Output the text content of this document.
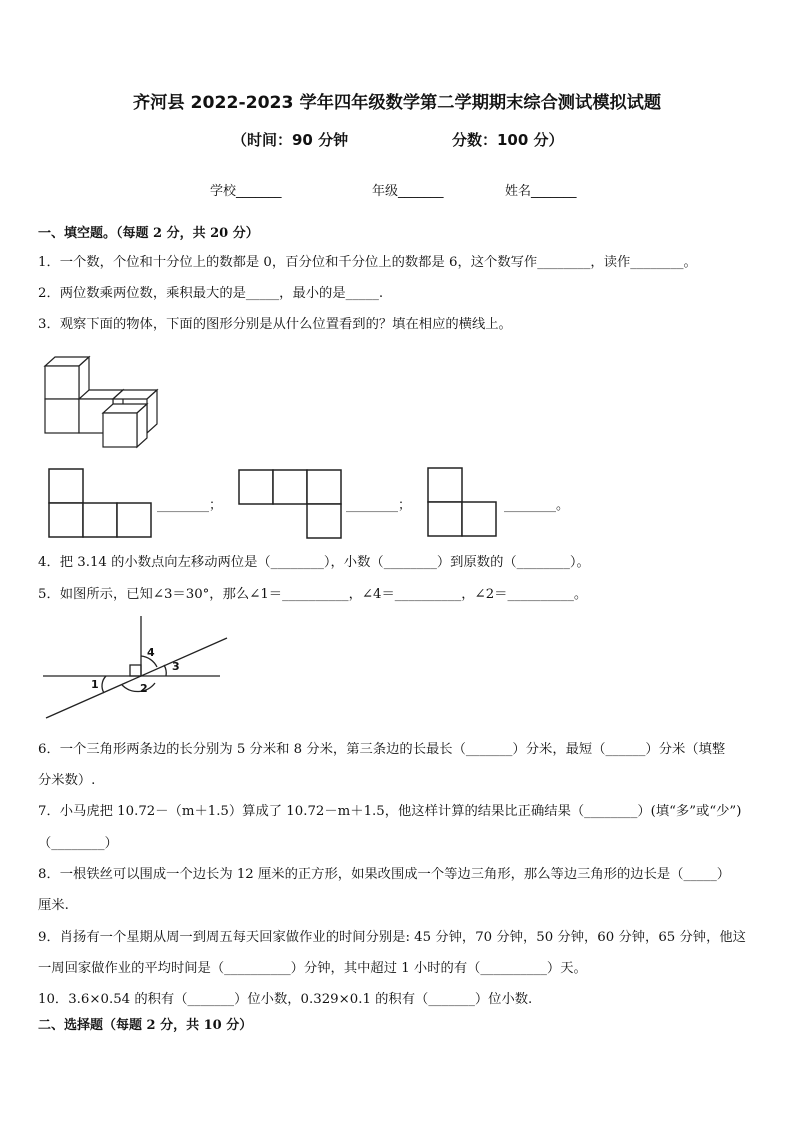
齐河县 2022-2023 学年四年级数学第二学期期末综合测试模拟试题
（时间：90 分钟	分数：100 分）
学校_______	年级_______	姓名_______
一、填空题。（每题 2 分，共 20 分）
1．一个数，个位和十分位上的数都是 0，百分位和千分位上的数都是 6，这个数写作________，读作________。
2．两位数乘两位数，乘积最大的是_____，最小的是_____.
3．观察下面的物体，下面的图形分别是从什么位置看到的？填在相应的横线上。
________；	________；	________。
4．把 3.14 的小数点向左移动两位是（________），小数（________）到原数的（________）。
5．如图所示，已知∠3＝30°，那么∠1＝__________，∠4＝__________，∠2＝__________。
4
3
2
1
6．一个三角形两条边的长分别为 5 分米和 8 分米，第三条边的长最长（_______）分米，最短（______）分米（填整
分米数）.
7．小马虎把 10.72－（m＋1.5）算成了 10.72－m＋1.5，他这样计算的结果比正确结果（________）(填“多”或“少”)
（________）
8．一根铁丝可以围成一个边长为 12 厘米的正方形，如果改围成一个等边三角形，那么等边三角形的边长是（_____）
厘米.
9．肖扬有一个星期从周一到周五每天回家做作业的时间分别是: 45 分钟，70 分钟，50 分钟，60 分钟，65 分钟，他这
一周回家做作业的平均时间是（__________）分钟，其中超过 1 小时的有（__________）天。
10．3.6×0.54 的积有（_______）位小数，0.329×0.1 的积有（_______）位小数.
二、选择题（每题 2 分，共 10 分）
